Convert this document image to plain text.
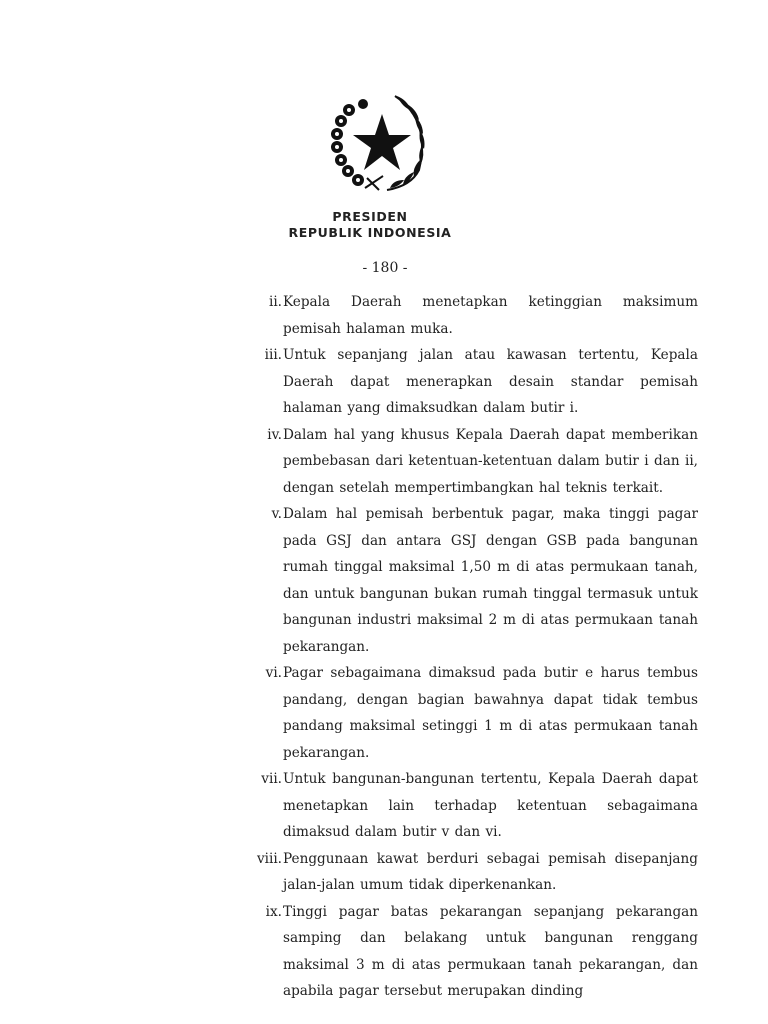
PRESIDEN
REPUBLIK INDONESIA
- 180 -
ii. Kepala Daerah menetapkan ketinggian maksimum pemisah halaman muka.
iii. Untuk sepanjang jalan atau kawasan tertentu, Kepala Daerah dapat menerapkan desain standar pemisah halaman yang dimaksudkan dalam butir i.
iv. Dalam hal yang khusus Kepala Daerah dapat memberikan pembebasan dari ketentuan-ketentuan dalam butir i dan ii, dengan setelah mempertimbangkan hal teknis terkait.
v. Dalam hal pemisah berbentuk pagar, maka tinggi pagar pada GSJ dan antara GSJ dengan GSB pada bangunan rumah tinggal maksimal 1,50 m di atas permukaan tanah, dan untuk bangunan bukan rumah tinggal termasuk untuk bangunan industri maksimal 2 m di atas permukaan tanah pekarangan.
vi. Pagar sebagaimana dimaksud pada butir e harus tembus pandang, dengan bagian bawahnya dapat tidak tembus pandang maksimal setinggi 1 m di atas permukaan tanah pekarangan.
vii. Untuk bangunan-bangunan tertentu, Kepala Daerah dapat menetapkan lain terhadap ketentuan sebagaimana dimaksud dalam butir v dan vi.
viii. Penggunaan kawat berduri sebagai pemisah disepanjang jalan-jalan umum tidak diperkenankan.
ix. Tinggi pagar batas pekarangan sepanjang pekarangan samping dan belakang untuk bangunan renggang maksimal 3 m di atas permukaan tanah pekarangan, dan apabila pagar tersebut merupakan dinding
